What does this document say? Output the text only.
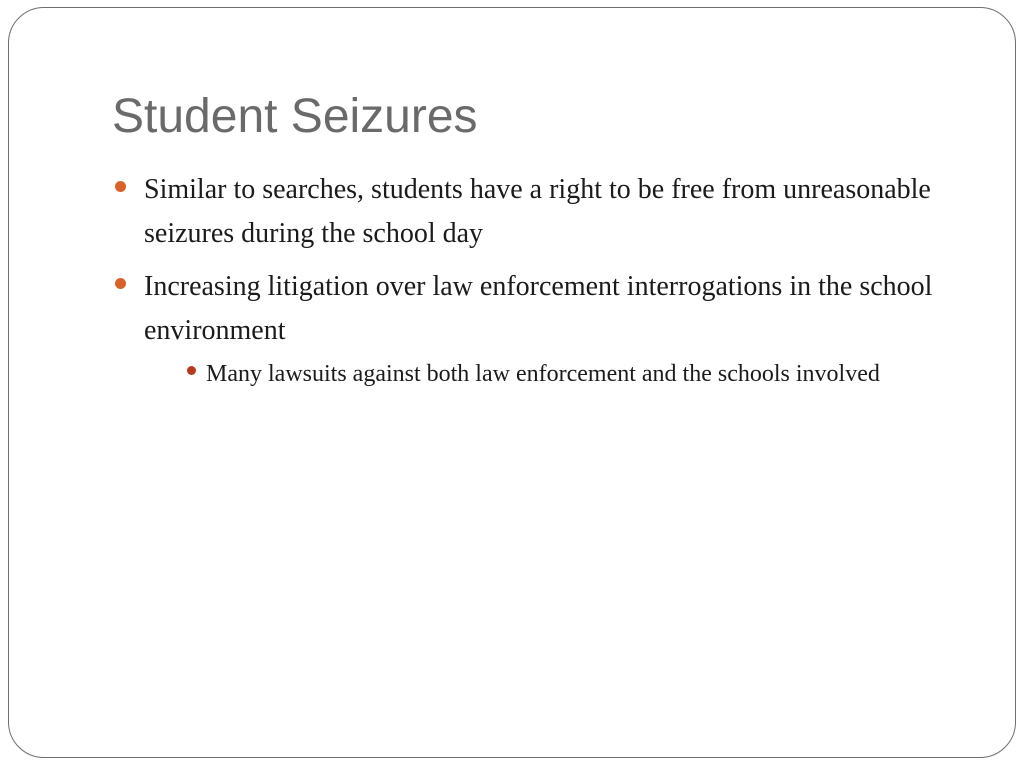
Student Seizures
Similar to searches, students have a right to be free from unreasonable seizures during the school day
Increasing litigation over law enforcement interrogations in the school environment
Many lawsuits against both law enforcement and the schools involved
